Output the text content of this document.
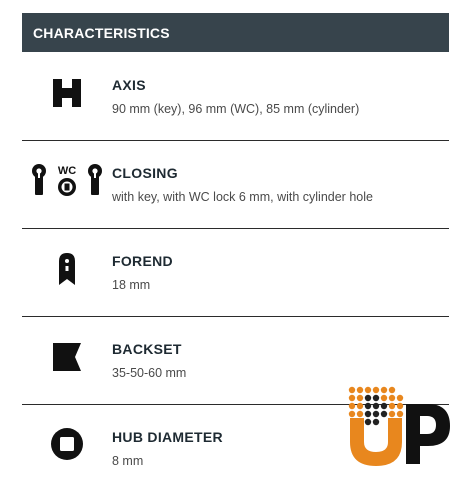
CHARACTERISTICS
AXIS
90 mm (key), 96 mm (WC), 85 mm (cylinder)
WC	CLOSING
with key, with WC lock 6 mm, with cylinder hole
FOREND
18 mm
BACKSET
35-50-60 mm
HUB DIAMETER
8 mm
